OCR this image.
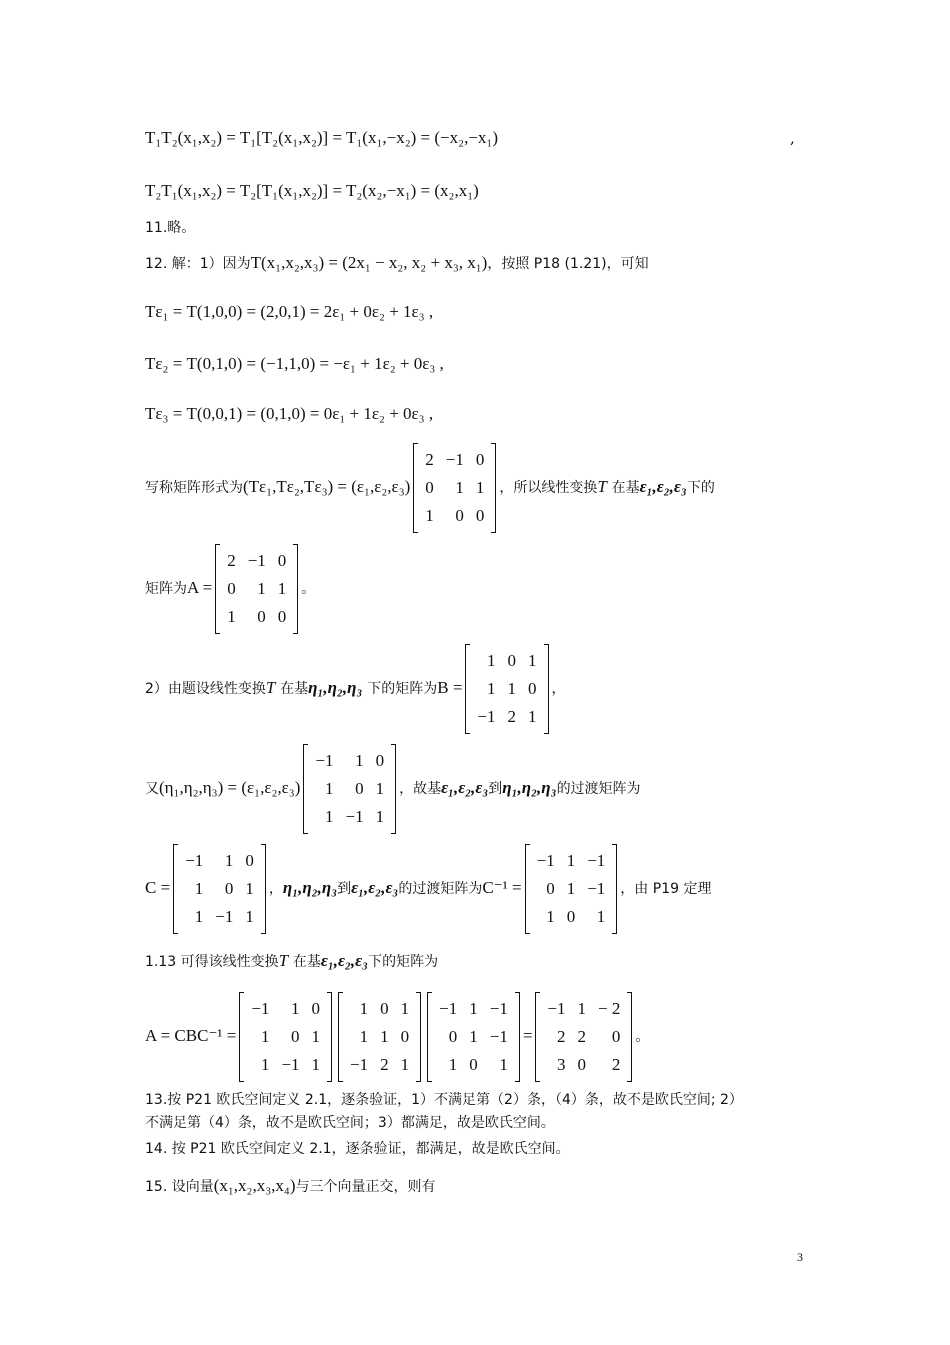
T₁T₂(x₁,x₂) = T₁[T₂(x₁,x₂)] = T₁(x₁,−x₂) = (−x₂,−x₁)	,
T₂T₁(x₁,x₂) = T₂[T₁(x₁,x₂)] = T₂(x₂,−x₁) = (x₂,x₁)
11.略。
12. 解：1）因为T(x₁,x₂,x₃) = (2x₁ − x₂, x₂ + x₃, x₁)，按照 P18 (1.21)，可知
Tε₁ = T(1,0,0) = (2,0,1) = 2ε₁ + 0ε₂ + 1ε₃ ,
Tε₂ = T(0,1,0) = (−1,1,0) = −ε₁ + 1ε₂ + 0ε₃ ,
Tε₃ = T(0,0,1) = (0,1,0) = 0ε₁ + 1ε₂ + 0ε₃ ,
写称矩阵形式为(Tε₁,Tε₂,Tε₃) = (ε₁,ε₂,ε₃)
2	−1	0
0	1	1
1	0	0
，所以线性变换T 在基ε₁,ε₂,ε₃下的
矩阵为A =
2	−1	0
0	1	1
1	0	0
。
2）由题设线性变换T 在基η₁,η₂,η₃ 下的矩阵为B =
1	0	1
1	1	0
−1	2	1
，
又(η₁,η₂,η₃) = (ε₁,ε₂,ε₃)
−1	1	0
1	0	1
1	−1	1
，故基ε₁,ε₂,ε₃到η₁,η₂,η₃的过渡矩阵为
C =
−1	1	0
1	0	1
1	−1	1
，η₁,η₂,η₃到ε₁,ε₂,ε₃的过渡矩阵为C⁻¹ =
−1	1	−1
0	1	−1
1	0	1
，由 P19 定理
1.13 可得该线性变换T 在基ε₁,ε₂,ε₃下的矩阵为
A = CBC⁻¹ =
−1	1	0
1	0	1
1	−1	1
1	0	1
1	1	0
−1	2	1
−1	1	−1
0	1	−1
1	0	1
=
−1	1	− 2
2	2	0
3	0	2
。
13.按 P21 欧氏空间定义 2.1，逐条验证，1）不满足第（2）条，（4）条，故不是欧氏空间; 2）
不满足第（4）条，故不是欧氏空间；3）都满足，故是欧氏空间。
14. 按 P21 欧氏空间定义 2.1，逐条验证，都满足，故是欧氏空间。
15. 设向量(x₁,x₂,x₃,x₄)与三个向量正交，则有
3
